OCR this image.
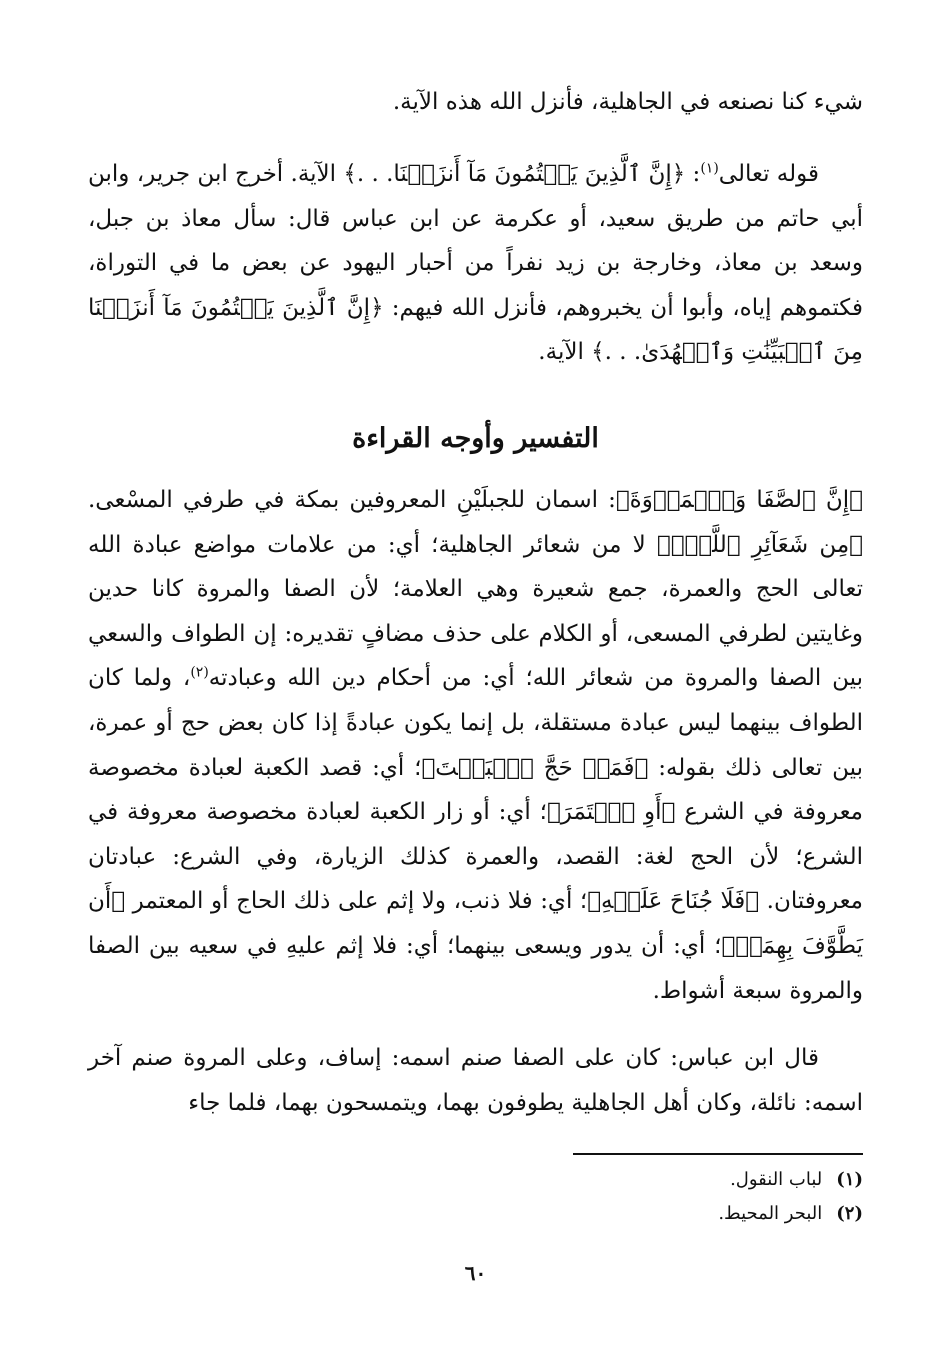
شيء كنا نصنعه في الجاهلية، فأنزل الله هذه الآية.
قوله تعالى$^{(١)}$: ﴿إِنَّ ٱلَّذِينَ يَكۡتُمُونَ مَآ أَنزَلۡنَا. . .﴾ الآية. أخرج ابن جرير، وابن أبي حاتم من طريق سعيد، أو عكرمة عن ابن عباس قال: سأل معاذ بن جبل، وسعد بن معاذ، وخارجة بن زيد نفراً من أحبار اليهود عن بعض ما في التوراة، فكتموهم إياه، وأبوا أن يخبروهم، فأنزل الله فيهم: ﴿إِنَّ ٱلَّذِينَ يَكۡتُمُونَ مَآ أَنزَلۡنَا مِنَ ٱلۡبَيِّنَٰتِ وَٱلۡهُدَىٰ. . .﴾ الآية.
التفسير وأوجه القراءة
﴿إِنَّ ٱلصَّفَا وَٱلۡمَرۡوَةَ﴾: اسمان للجبلَيْنِ المعروفين بمكة في طرفي المسْعى. ﴿مِن شَعَآئِرِ ٱللَّهِۖ﴾ لا من شعائر الجاهلية؛ أي: من علامات مواضع عبادة الله تعالى الحج والعمرة، جمع شعيرة وهي العلامة؛ لأن الصفا والمروة كانا حدين وغايتين لطرفي المسعى، أو الكلام على حذف مضافٍ تقديره: إن الطواف والسعي بين الصفا والمروة من شعائر الله؛ أي: من أحكام دين الله وعبادته$^{(٢)}$، ولما كان الطواف بينهما ليس عبادة مستقلة، بل إنما يكون عبادةً إذا كان بعض حج أو عمرة، بين تعالى ذلك بقوله: ﴿فَمَنۡ حَجَّ ٱلۡبَيۡتَ﴾؛ أي: قصد الكعبة لعبادة مخصوصة معروفة في الشرع ﴿أَوِ ٱعۡتَمَرَ﴾؛ أي: أو زار الكعبة لعبادة مخصوصة معروفة في الشرع؛ لأن الحج لغة: القصد، والعمرة كذلك الزيارة، وفي الشرع: عبادتان معروفتان. ﴿فَلَا جُنَاحَ عَلَيۡهِ﴾؛ أي: فلا ذنب، ولا إثم على ذلك الحاج أو المعتمر ﴿أَن يَطَّوَّفَ بِهِمَاۚ﴾؛ أي: أن يدور ويسعى بينهما؛ أي: فلا إثم عليهِ في سعيه بين الصفا والمروة سبعة أشواط.
قال ابن عباس: كان على الصفا صنم اسمه: إساف، وعلى المروة صنم آخر اسمه: نائلة، وكان أهل الجاهلية يطوفون بهما، ويتمسحون بهما، فلما جاء
(١)لباب النقول.
(٢)البحر المحيط.
٦٠
